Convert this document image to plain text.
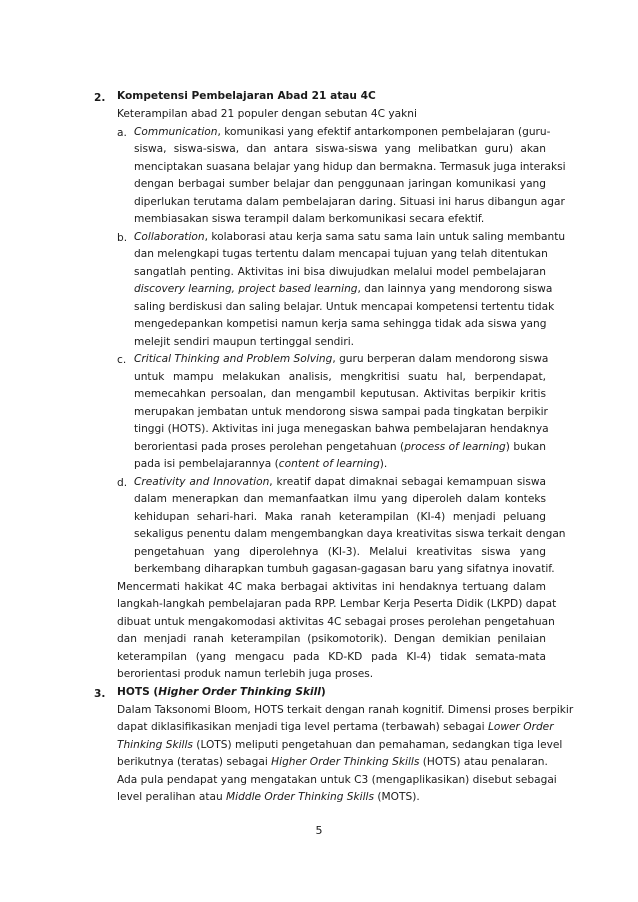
2. Kompetensi Pembelajaran Abad 21 atau 4C
Keterampilan abad 21 populer dengan sebutan 4C yakni
a. Communication, komunikasi yang efektif antarkomponen pembelajaran (guru-
siswa, siswa-siswa, dan antara siswa-siswa yang melibatkan guru) akan
menciptakan suasana belajar yang hidup dan bermakna. Termasuk juga interaksi
dengan berbagai sumber belajar dan penggunaan jaringan komunikasi yang
diperlukan terutama dalam pembelajaran daring. Situasi ini harus dibangun agar
membiasakan siswa terampil dalam berkomunikasi secara efektif.
b. Collaboration, kolaborasi atau kerja sama satu sama lain untuk saling membantu
dan melengkapi tugas tertentu dalam mencapai tujuan yang telah ditentukan
sangatlah penting. Aktivitas ini bisa diwujudkan melalui model pembelajaran
discovery learning, project based learning, dan lainnya yang mendorong siswa
saling berdiskusi dan saling belajar. Untuk mencapai kompetensi tertentu tidak
mengedepankan kompetisi namun kerja sama sehingga tidak ada siswa yang
melejit sendiri maupun tertinggal sendiri.
c. Critical Thinking and Problem Solving, guru berperan dalam mendorong siswa
untuk mampu melakukan analisis, mengkritisi suatu hal, berpendapat,
memecahkan persoalan, dan mengambil keputusan. Aktivitas berpikir kritis
merupakan jembatan untuk mendorong siswa sampai pada tingkatan berpikir
tinggi (HOTS). Aktivitas ini juga menegaskan bahwa pembelajaran hendaknya
berorientasi pada proses perolehan pengetahuan (process of learning) bukan
pada isi pembelajarannya (content of learning).
d. Creativity and Innovation, kreatif dapat dimaknai sebagai kemampuan siswa
dalam menerapkan dan memanfaatkan ilmu yang diperoleh dalam konteks
kehidupan sehari-hari. Maka ranah keterampilan (KI-4) menjadi peluang
sekaligus penentu dalam mengembangkan daya kreativitas siswa terkait dengan
pengetahuan yang diperolehnya (KI-3). Melalui kreativitas siswa yang
berkembang diharapkan tumbuh gagasan-gagasan baru yang sifatnya inovatif.
Mencermati hakikat 4C maka berbagai aktivitas ini hendaknya tertuang dalam
langkah-langkah pembelajaran pada RPP. Lembar Kerja Peserta Didik (LKPD) dapat
dibuat untuk mengakomodasi aktivitas 4C sebagai proses perolehan pengetahuan
dan menjadi ranah keterampilan (psikomotorik). Dengan demikian penilaian
keterampilan (yang mengacu pada KD-KD pada KI-4) tidak semata-mata
berorientasi produk namun terlebih juga proses.
3. HOTS (Higher Order Thinking Skill)
Dalam Taksonomi Bloom, HOTS terkait dengan ranah kognitif. Dimensi proses berpikir
dapat diklasifikasikan menjadi tiga level pertama (terbawah) sebagai Lower Order
Thinking Skills (LOTS) meliputi pengetahuan dan pemahaman, sedangkan tiga level
berikutnya (teratas) sebagai Higher Order Thinking Skills (HOTS) atau penalaran.
Ada pula pendapat yang mengatakan untuk C3 (mengaplikasikan) disebut sebagai
level peralihan atau Middle Order Thinking Skills (MOTS).
5
